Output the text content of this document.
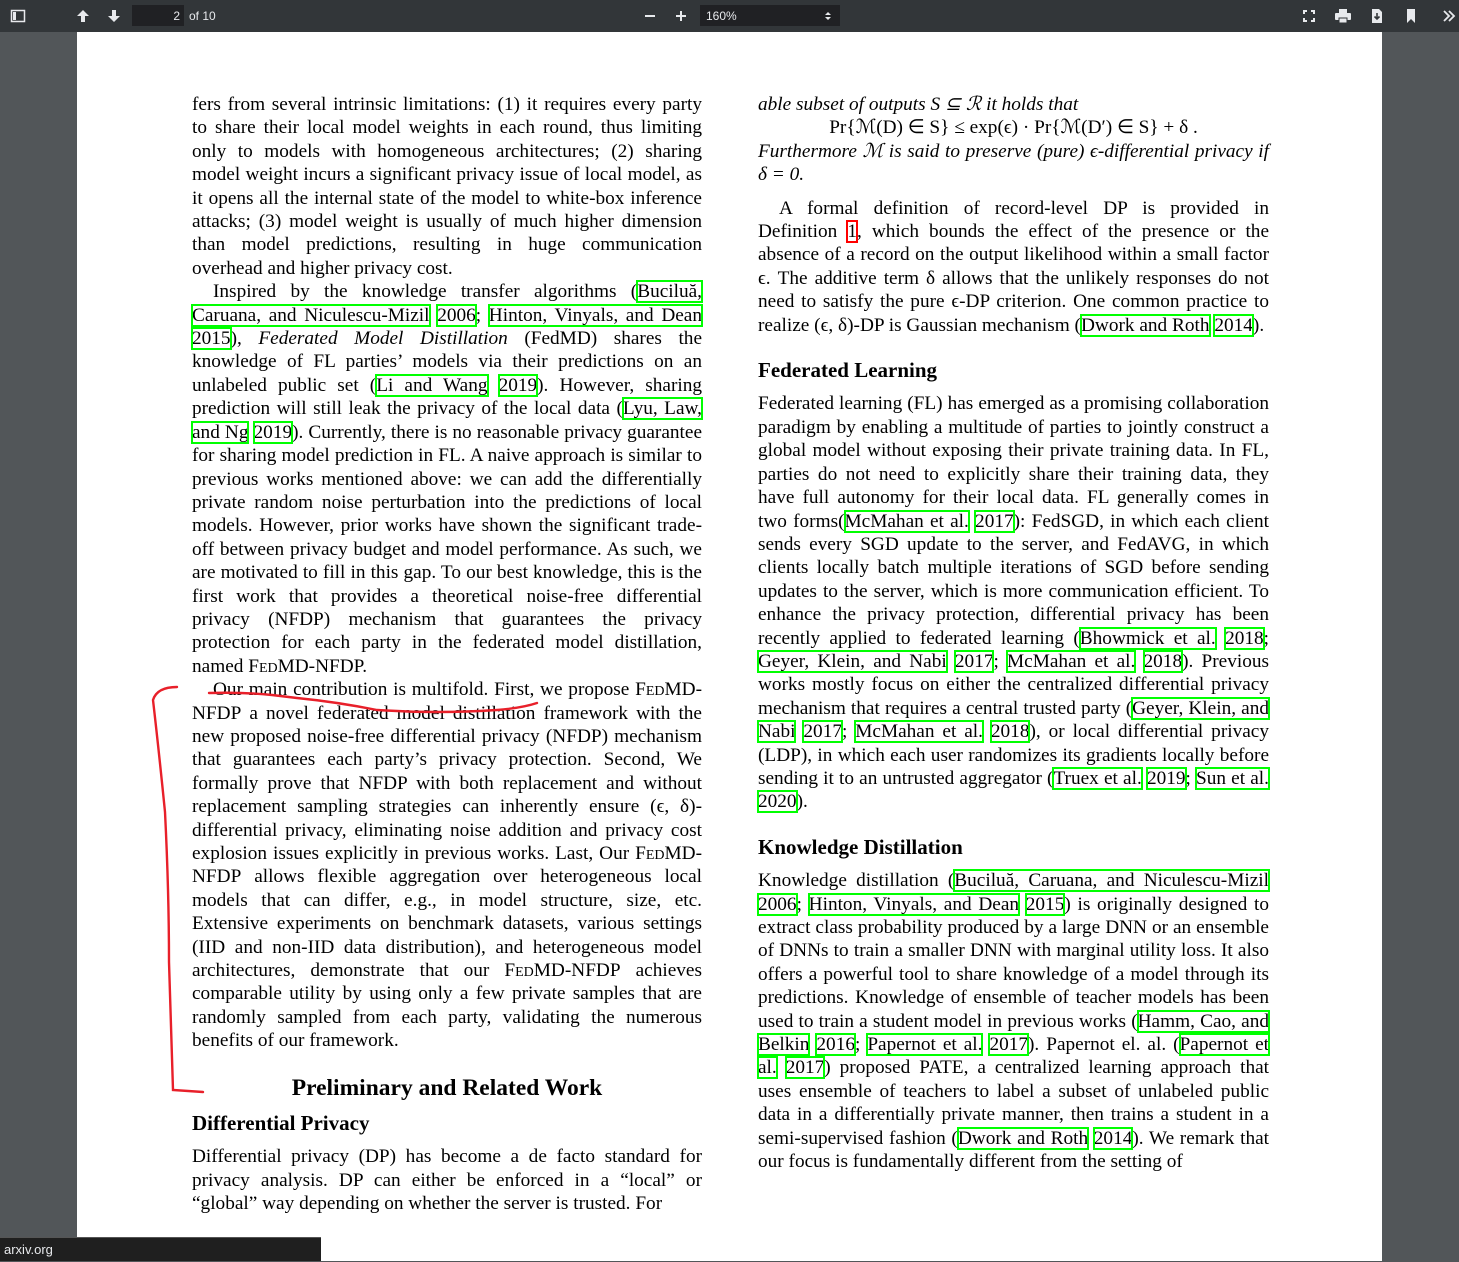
2
of 10	160%

fers from several intrinsic limitations: (1) it requires every party to share their local model weights in each round, thus limiting only to models with homogeneous architectures; (2) sharing model weight incurs a significant privacy issue of local model, as it opens all the internal state of the model to white-box inference attacks; (3) model weight is usually of much higher dimension than model predictions, resulting in huge communication overhead and higher privacy cost.

Inspired by the knowledge transfer algorithms (Buciluă, Caruana, and Niculescu-Mizil 2006; Hinton, Vinyals, and Dean 2015), Federated Model Distillation (FedMD) shares the knowledge of FL parties’ models via their predictions on an unlabeled public set (Li and Wang 2019). However, sharing prediction will still leak the privacy of the local data (Lyu, Law, and Ng 2019). Currently, there is no reasonable privacy guarantee for sharing model prediction in FL. A naive approach is similar to previous works mentioned above: we can add the differentially private random noise perturbation into the predictions of local models. However, prior works have shown the significant trade-off between privacy budget and model performance. As such, we are motivated to fill in this gap. To our best knowledge, this is the first work that provides a theoretical noise-free differential privacy (NFDP) mechanism that guarantees the privacy protection for each party in the federated model distillation, named FedMD-NFDP.

Our main contribution is multifold. First, we propose FedMD-NFDP a novel federated model distillation framework with the new proposed noise-free differential privacy (NFDP) mechanism that guarantees each party’s privacy protection. Second, We formally prove that NFDP with both replacement and without replacement sampling strategies can inherently ensure (ϵ, δ)-differential privacy, eliminating noise addition and privacy cost explosion issues explicitly in previous works. Last, Our FedMD-NFDP allows flexible aggregation over heterogeneous local models that can differ, e.g., in model structure, size, etc. Extensive experiments on benchmark datasets, various settings (IID and non-IID data distribution), and heterogeneous model architectures, demonstrate that our FedMD-NFDP achieves comparable utility by using only a few private samples that are randomly sampled from each party, validating the numerous benefits of our framework.

Preliminary and Related Work
Differential Privacy

Differential privacy (DP) has become a de facto standard for privacy analysis. DP can either be enforced in a “local” or “global” way depending on whether the server is trusted. For

able subset of outputs S ⊆ ℛ it holds that

Pr{ℳ(D) ∈ S} ≤ exp(ϵ) · Pr{ℳ(D′) ∈ S} + δ .

Furthermore ℳ is said to preserve (pure) ϵ-differential privacy if δ = 0.

A formal definition of record-level DP is provided in Definition 1, which bounds the effect of the presence or the absence of a record on the output likelihood within a small factor ϵ. The additive term δ allows that the unlikely responses do not need to satisfy the pure ϵ-DP criterion. One common practice to realize (ϵ, δ)-DP is Gaussian mechanism (Dwork and Roth 2014).

Federated Learning

Federated learning (FL) has emerged as a promising collaboration paradigm by enabling a multitude of parties to jointly construct a global model without exposing their private training data. In FL, parties do not need to explicitly share their training data, they have full autonomy for their local data. FL generally comes in two forms(McMahan et al. 2017): FedSGD, in which each client sends every SGD update to the server, and FedAVG, in which clients locally batch multiple iterations of SGD before sending updates to the server, which is more communication efficient. To enhance the privacy protection, differential privacy has been recently applied to federated learning (Bhowmick et al. 2018; Geyer, Klein, and Nabi 2017; McMahan et al. 2018). Previous works mostly focus on either the centralized differential privacy mechanism that requires a central trusted party (Geyer, Klein, and Nabi 2017; McMahan et al. 2018), or local differential privacy (LDP), in which each user randomizes its gradients locally before sending it to an untrusted aggregator (Truex et al. 2019; Sun et al. 2020).

Knowledge Distillation

Knowledge distillation (Buciluă, Caruana, and Niculescu-Mizil 2006; Hinton, Vinyals, and Dean 2015) is originally designed to extract class probability produced by a large DNN or an ensemble of DNNs to train a smaller DNN with marginal utility loss. It also offers a powerful tool to share knowledge of a model through its predictions. Knowledge of ensemble of teacher models has been used to train a student model in previous works (Hamm, Cao, and Belkin 2016; Papernot et al. 2017). Papernot el. al. (Papernot et al. 2017) proposed PATE, a centralized learning approach that uses ensemble of teachers to label a subset of unlabeled public data in a differentially private manner, then trains a student in a semi-supervised fashion (Dwork and Roth 2014). We remark that our focus is fundamentally different from the setting of

arxiv.org
